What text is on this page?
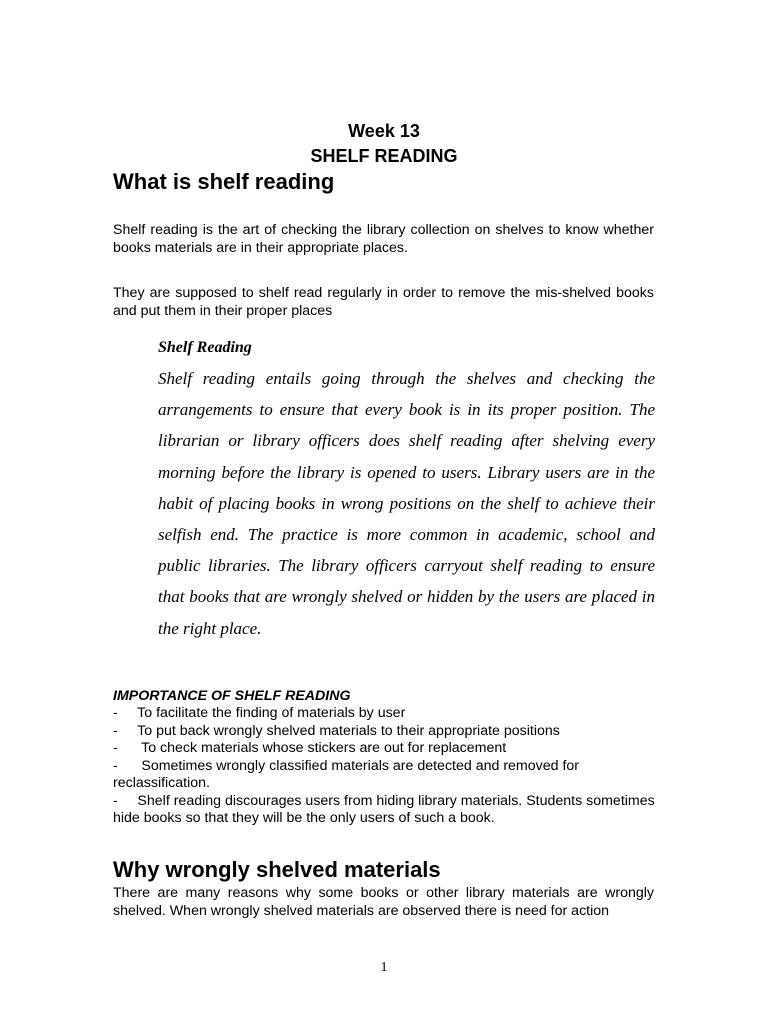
Week 13
SHELF READING
What is shelf reading
Shelf reading is the art of checking the library collection on shelves to know whether books materials are in their appropriate places.
They are supposed to shelf read regularly in order to remove the mis-shelved books and put them in their proper places
Shelf Reading
Shelf reading entails going through the shelves and checking the arrangements to ensure that every book is in its proper position. The librarian or library officers does shelf reading after shelving every morning before the library is opened to users. Library users are in the habit of placing books in wrong positions on the shelf to achieve their selfish end. The practice is more common in academic, school and public libraries. The library officers carryout shelf reading to ensure that books that are wrongly shelved or hidden by the users are placed in the right place.
IMPORTANCE OF SHELF READING
-     To facilitate the finding of materials by user
-     To put back wrongly shelved materials to their appropriate positions
-      To check materials whose stickers are out for replacement
-      Sometimes wrongly classified materials are detected and removed for reclassification.
-     Shelf reading discourages users from hiding library materials. Students sometimes hide books so that they will be the only users of such a book.
Why wrongly shelved materials
There are many reasons why some books or other library materials are wrongly shelved. When wrongly shelved materials are observed there is need for action
1
